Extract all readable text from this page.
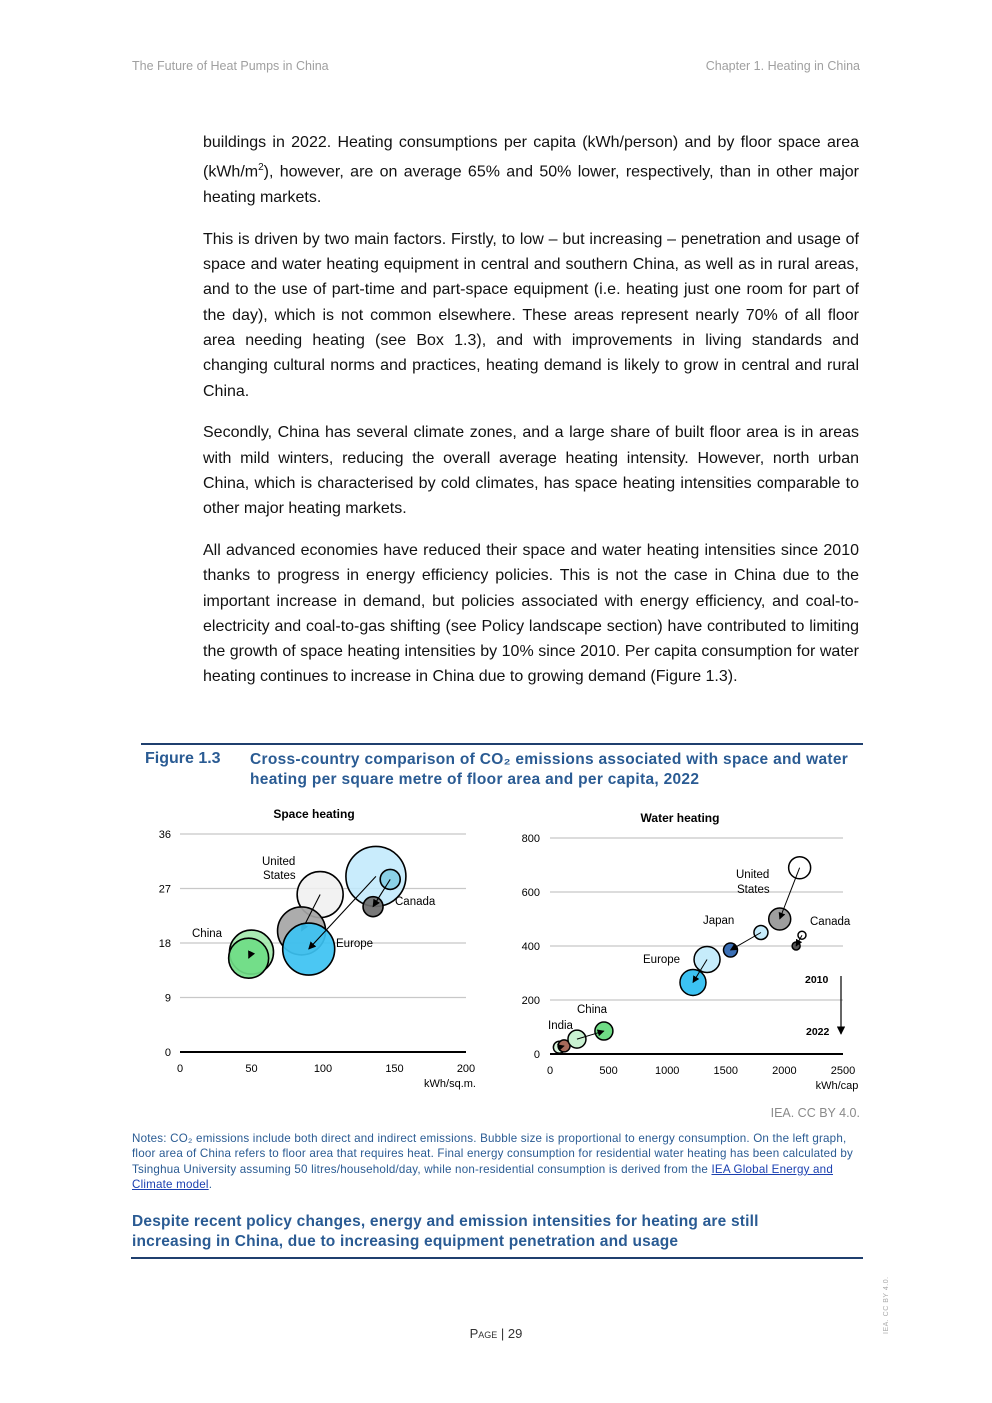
The Future of Heat Pumps in China	Chapter 1. Heating in China

buildings in 2022. Heating consumptions per capita (kWh/person) and by floor space area $(kWh/m^2)$, however, are on average 65% and 50% lower, respectively, than in other major heating markets.

This is driven by two main factors. Firstly, to low – but increasing – penetration and usage of space and water heating equipment in central and southern China, as well as in rural areas, and to the use of part-time and part-space equipment (i.e. heating just one room for part of the day), which is not common elsewhere. These areas represent nearly 70% of all floor area needing heating (see Box 1.3), and with improvements in living standards and changing cultural norms and practices, heating demand is likely to grow in central and rural China.

Secondly, China has several climate zones, and a large share of built floor area is in areas with mild winters, reducing the overall average heating intensity. However, north urban China, which is characterised by cold climates, has space heating intensities comparable to other major heating markets.

All advanced economies have reduced their space and water heating intensities since 2010 thanks to progress in energy efficiency policies. This is not the case in China due to the important increase in demand, but policies associated with energy efficiency, and coal-to-electricity and coal-to-gas shifting (see Policy landscape section) have contributed to limiting the growth of space heating intensities by 10% since 2010. Per capita consumption for water heating continues to increase in China due to growing demand (Figure 1.3).

Figure 1.3 Cross-country comparison of CO₂ emissions associated with space and water heating per square metre of floor area and per capita, 2022
Space heating
kWh/sq.m.
0
9
18
27
36
0	50	100	150	200
China
United
States
Canada
Europe
Water heating
kWh/cap
0
200
400
600
800
0	500	1000	1500	2000	2500
India
China
Europe
Japan
United
States
Canada
2010
2022
IEA. CC BY 4.0.
Notes: CO₂ emissions include both direct and indirect emissions. Bubble size is proportional to energy consumption. On the left graph, floor area of China refers to floor area that requires heat. Final energy consumption for residential water heating has been calculated by Tsinghua University assuming 50 litres/household/day, while non-residential consumption is derived from the IEA Global Energy and Climate model.
Despite recent policy changes, energy and emission intensities for heating are still increasing in China, due to increasing equipment penetration and usage
Page | 29	IEA. CC BY 4.0.
